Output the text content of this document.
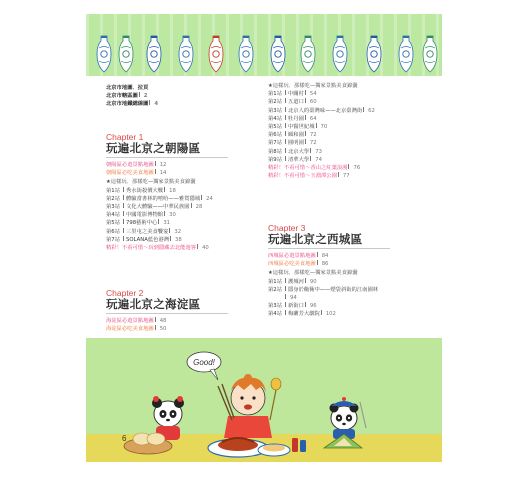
北京市地圖．拉頁
北京市轄區圖 2
北京市地鐵總線圖 4
Chapter 1
玩遍北京之朝陽區
朝陽區必遊景點地圖 12
朝陽區必吃美食地圖 14
★這樣玩．那樣吃—獨家景點美食錦囊
第1站	秀水街殺價大戰 18
第2站	體驗當書林的嘻哈——雅賞隱城 24
第3站	文化大體驗——中華民族園 28
第4站	中國電影博物館 30
第5站	798藝術中心 31
第6站	三里屯之美食饗宴 32
第7站	SOLANA藍色港灣 38
精彩！不看可惜～玩到隱藏去北能遊客 40
Chapter 2
玩遍北京之海淀區
海淀區必遊景點地圖 48
海淀區必吃美食地圖 50
★這樣玩．那樣吃—獨家景點美食錦囊
第1站	中關村 54
第2站	五道口 60
第3站	北京人的臺灣味——北京臺灣街 62
第4站	牡丹園 64
第5站	中醫世紀城 70
第6站	頤和園 72
第7站	圓明園 72
第8站	北京大學 73
第9站	清華大學 74
精彩！不看可惜～香山之紅葉浪漫 76
精彩！不看可惜～玉淵潭公園 77
Chapter 3
玩遍北京之西城區
西城區必遊景點地圖 84
西城區必吃美食地圖 86
★這樣玩．那樣吃—獨家景點美食錦囊
第1站	護城河 90
第2站	隱身於衚衕中——煙袋斜街的江南園林
94
第3站	新街口 96
第4站	梅蘭芳大劇院 102
Good!
6
